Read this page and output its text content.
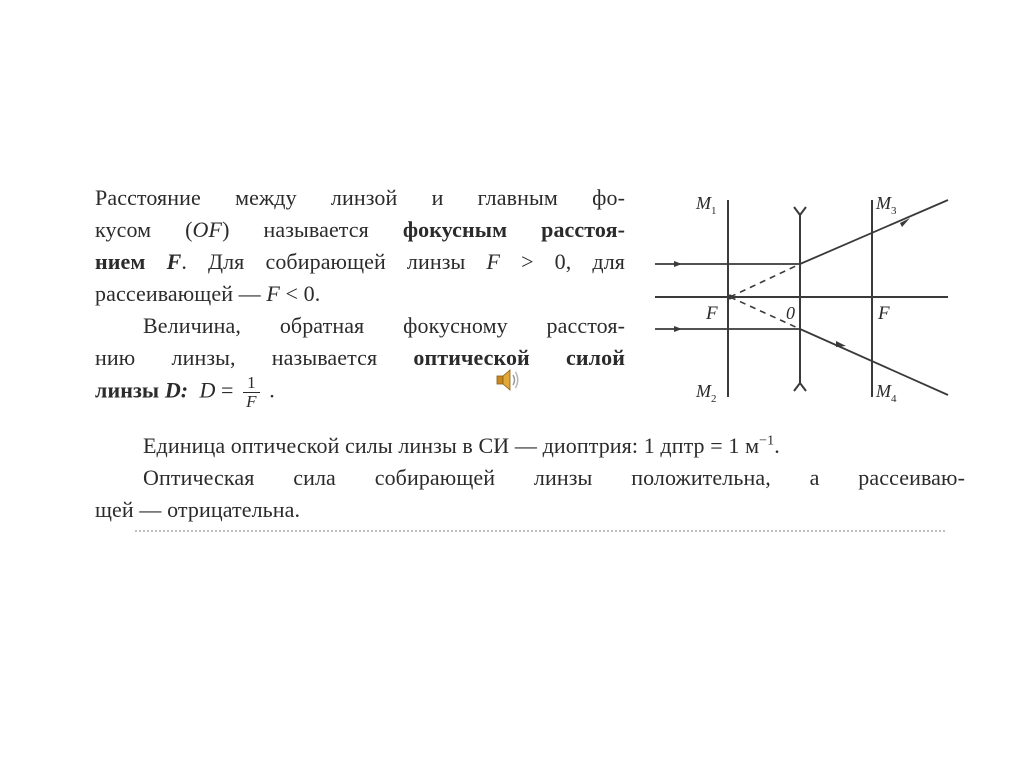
Расстояние между линзой и главным фо-
кусом (OF) называется фокусным расстоя-
нием F. Для собирающей линзы F > 0, для
рассеивающей — F < 0.
Величина, обратная фокусному расстоя-
нию линзы, называется оптической силой
линзы D: $D = \frac{1}{F}$ .
Единица оптической силы линзы в СИ — диоптрия: 1 дптр = 1 $м^{-1}$.
Оптическая сила собирающей линзы положительна, а рассеиваю-
щей — отрицательна.
$M_1$
$M_2$
$M_3$
$M_4$
F	0	F
